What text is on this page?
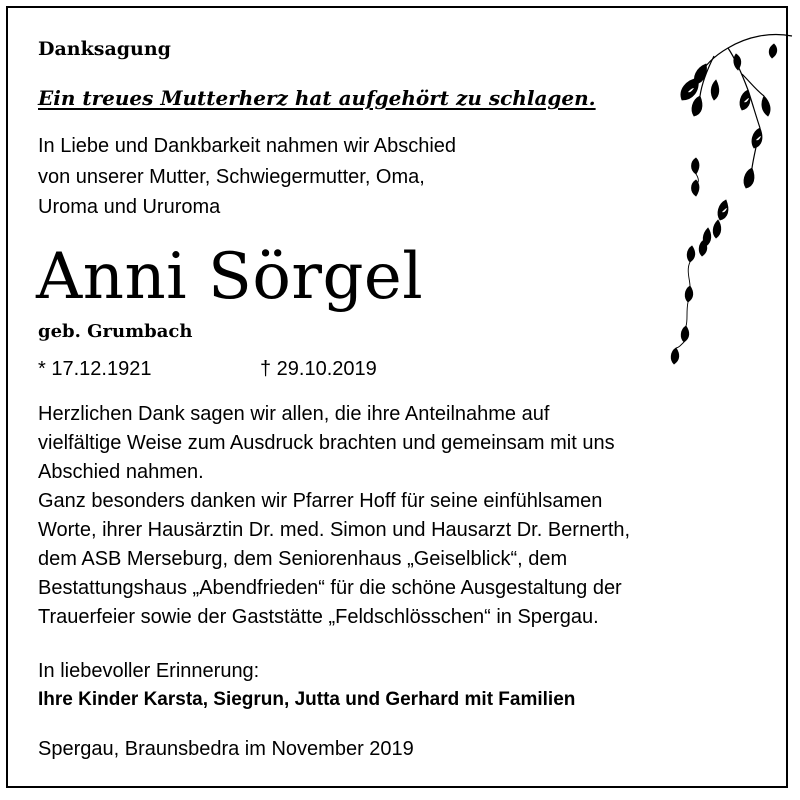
Danksagung

Ein treues Mutterherz hat aufgehört zu schlagen.

In Liebe und Dankbarkeit nahmen wir Abschied

von unserer Mutter, Schwiegermutter, Oma,

Uroma und Ururoma

Anni Sörgel

geb. Grumbach

* 17.12.1921	† 29.10.2019

Herzlichen Dank sagen wir allen, die ihre Anteilnahme auf

vielfältige Weise zum Ausdruck brachten und gemeinsam mit uns

Abschied nahmen.

Ganz besonders danken wir Pfarrer Hoff für seine einfühlsamen

Worte, ihrer Hausärztin Dr. med. Simon und Hausarzt Dr. Bernerth,

dem ASB Merseburg, dem Seniorenhaus „Geiselblick“, dem

Bestattungshaus „Abendfrieden“ für die schöne Ausgestaltung der

Trauerfeier sowie der Gaststätte „Feldschlösschen“ in Spergau.

In liebevoller Erinnerung:

Ihre Kinder Karsta, Siegrun, Jutta und Gerhard mit Familien

Spergau, Braunsbedra im November 2019
